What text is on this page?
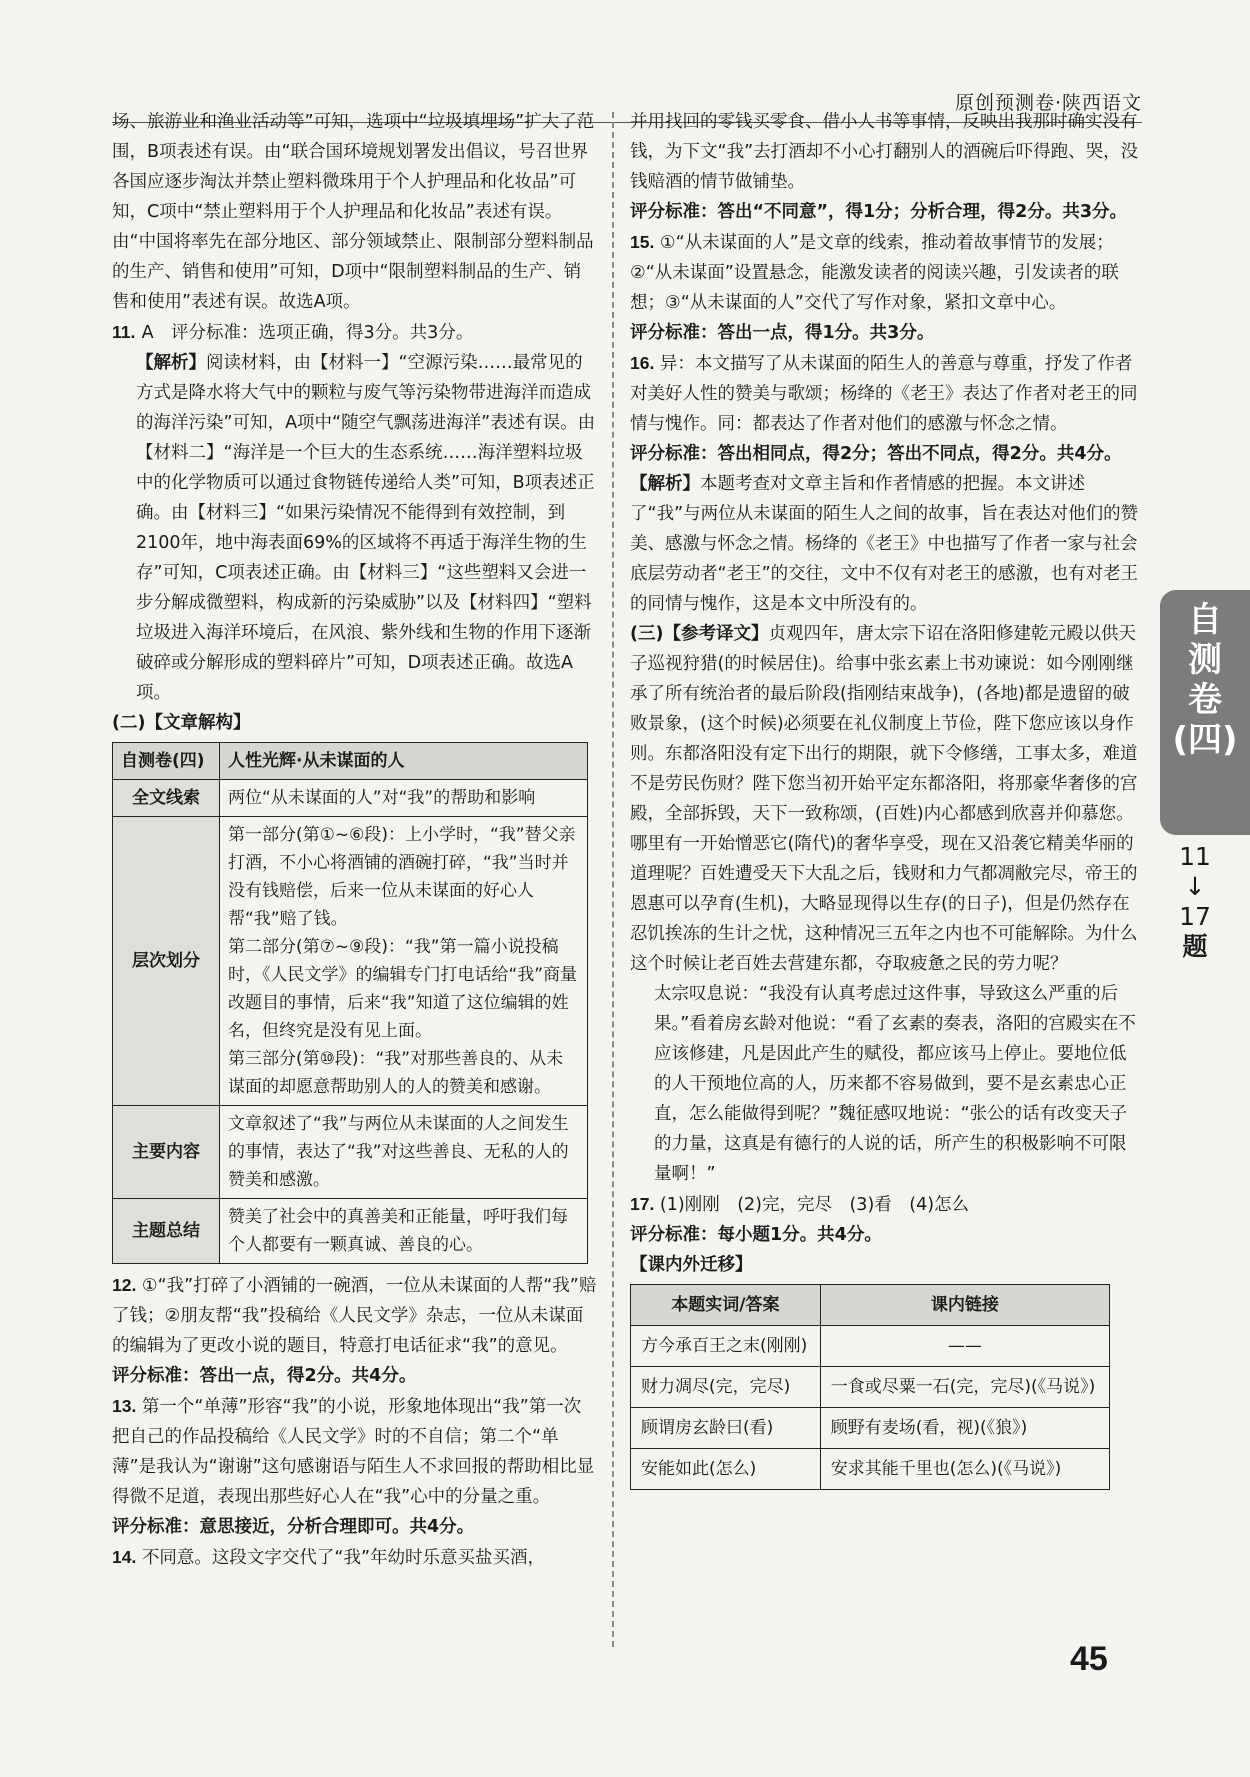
原创预测卷·陕西语文

场、旅游业和渔业活动等”可知，选项中“垃圾填埋场”扩大了范围，B项表述有误。由“联合国环境规划署发出倡议，号召世界各国应逐步淘汰并禁止塑料微珠用于个人护理品和化妆品”可知，C项中“禁止塑料用于个人护理品和化妆品”表述有误。由“中国将率先在部分地区、部分领域禁止、限制部分塑料制品的生产、销售和使用”可知，D项中“限制塑料制品的生产、销售和使用”表述有误。故选A项。

11. A　评分标准：选项正确，得3分。共3分。

【解析】阅读材料，由【材料一】“空源污染……最常见的方式是降水将大气中的颗粒与废气等污染物带进海洋而造成的海洋污染”可知，A项中“随空气飘荡进海洋”表述有误。由【材料二】“海洋是一个巨大的生态系统……海洋塑料垃圾中的化学物质可以通过食物链传递给人类”可知，B项表述正确。由【材料三】“如果污染情况不能得到有效控制，到2100年，地中海表面69%的区域将不再适于海洋生物的生存”可知，C项表述正确。由【材料三】“这些塑料又会进一步分解成微塑料，构成新的污染威胁”以及【材料四】“塑料垃圾进入海洋环境后，在风浪、紫外线和生物的作用下逐渐破碎或分解形成的塑料碎片”可知，D项表述正确。故选A项。

(二)【文章解构】

自测卷(四)	人性光辉·从未谋面的人
全文线索	两位“从未谋面的人”对“我”的帮助和影响
层次划分	第一部分(第①~⑥段)：上小学时，“我”替父亲打酒，不小心将酒铺的酒碗打碎，“我”当时并没有钱赔偿，后来一位从未谋面的好心人帮“我”赔了钱。
第二部分(第⑦~⑨段)：“我”第一篇小说投稿时，《人民文学》的编辑专门打电话给“我”商量改题目的事情，后来“我”知道了这位编辑的姓名，但终究是没有见上面。
第三部分(第⑩段)：“我”对那些善良的、从未谋面的却愿意帮助别人的人的赞美和感谢。

主要内容	文章叙述了“我”与两位从未谋面的人之间发生的事情，表达了“我”对这些善良、无私的人的赞美和感激。
主题总结	赞美了社会中的真善美和正能量，呼吁我们每个人都要有一颗真诚、善良的心。

12. ①“我”打碎了小酒铺的一碗酒，一位从未谋面的人帮“我”赔了钱；②朋友帮“我”投稿给《人民文学》杂志，一位从未谋面的编辑为了更改小说的题目，特意打电话征求“我”的意见。

评分标准：答出一点，得2分。共4分。

13. 第一个“单薄”形容“我”的小说，形象地体现出“我”第一次把自己的作品投稿给《人民文学》时的不自信；第二个“单薄”是我认为“谢谢”这句感谢语与陌生人不求回报的帮助相比显得微不足道，表现出那些好心人在“我”心中的分量之重。

评分标准：意思接近，分析合理即可。共4分。

14. 不同意。这段文字交代了“我”年幼时乐意买盐买酒，

并用找回的零钱买零食、借小人书等事情，反映出我那时确实没有钱，为下文“我”去打酒却不小心打翻别人的酒碗后吓得跑、哭，没钱赔酒的情节做铺垫。

评分标准：答出“不同意”，得1分；分析合理，得2分。共3分。

15. ①“从未谋面的人”是文章的线索，推动着故事情节的发展；②“从未谋面”设置悬念，能激发读者的阅读兴趣，引发读者的联想；③“从未谋面的人”交代了写作对象，紧扣文章中心。

评分标准：答出一点，得1分。共3分。

16. 异：本文描写了从未谋面的陌生人的善意与尊重，抒发了作者对美好人性的赞美与歌颂；杨绛的《老王》表达了作者对老王的同情与愧作。同：都表达了作者对他们的感激与怀念之情。

评分标准：答出相同点，得2分；答出不同点，得2分。共4分。

【解析】本题考查对文章主旨和作者情感的把握。本文讲述了“我”与两位从未谋面的陌生人之间的故事，旨在表达对他们的赞美、感激与怀念之情。杨绛的《老王》中也描写了作者一家与社会底层劳动者“老王”的交往，文中不仅有对老王的感激，也有对老王的同情与愧作，这是本文中所没有的。

(三)【参考译文】贞观四年，唐太宗下诏在洛阳修建乾元殿以供天子巡视狩猎(的时候居住)。给事中张玄素上书劝谏说：如今刚刚继承了所有统治者的最后阶段(指刚结束战争)，(各地)都是遗留的破败景象，(这个时候)必须要在礼仪制度上节俭，陛下您应该以身作则。东都洛阳没有定下出行的期限，就下令修缮，工事太多，难道不是劳民伤财？陛下您当初开始平定东都洛阳，将那豪华奢侈的宫殿，全部拆毁，天下一致称颂，(百姓)内心都感到欣喜并仰慕您。哪里有一开始憎恶它(隋代)的奢华享受，现在又沿袭它精美华丽的道理呢？百姓遭受天下大乱之后，钱财和力气都凋敝完尽，帝王的恩惠可以孕育(生机)，大略显现得以生存(的日子)，但是仍然存在忍饥挨冻的生计之忧，这种情况三五年之内也不可能解除。为什么这个时候让老百姓去营建东都，夺取疲惫之民的劳力呢？

太宗叹息说：“我没有认真考虑过这件事，导致这么严重的后果。”看着房玄龄对他说：“看了玄素的奏表，洛阳的宫殿实在不应该修建，凡是因此产生的赋役，都应该马上停止。要地位低的人干预地位高的人，历来都不容易做到，要不是玄素忠心正直，怎么能做得到呢？”魏征感叹地说：“张公的话有改变天子的力量，这真是有德行的人说的话，所产生的积极影响不可限量啊！”

17. (1)刚刚　(2)完，完尽　(3)看　(4)怎么

评分标准：每小题1分。共4分。

【课内外迁移】

本题实词/答案	课内链接
方今承百王之末(刚刚)	——
财力凋尽(完，完尽)	一食或尽粟一石(完，完尽)(《马说》)
顾谓房玄龄曰(看)	顾野有麦场(看，视)(《狼》)
安能如此(怎么)	安求其能千里也(怎么)(《马说》)
自测卷(四)
11
↓
17
题
45
